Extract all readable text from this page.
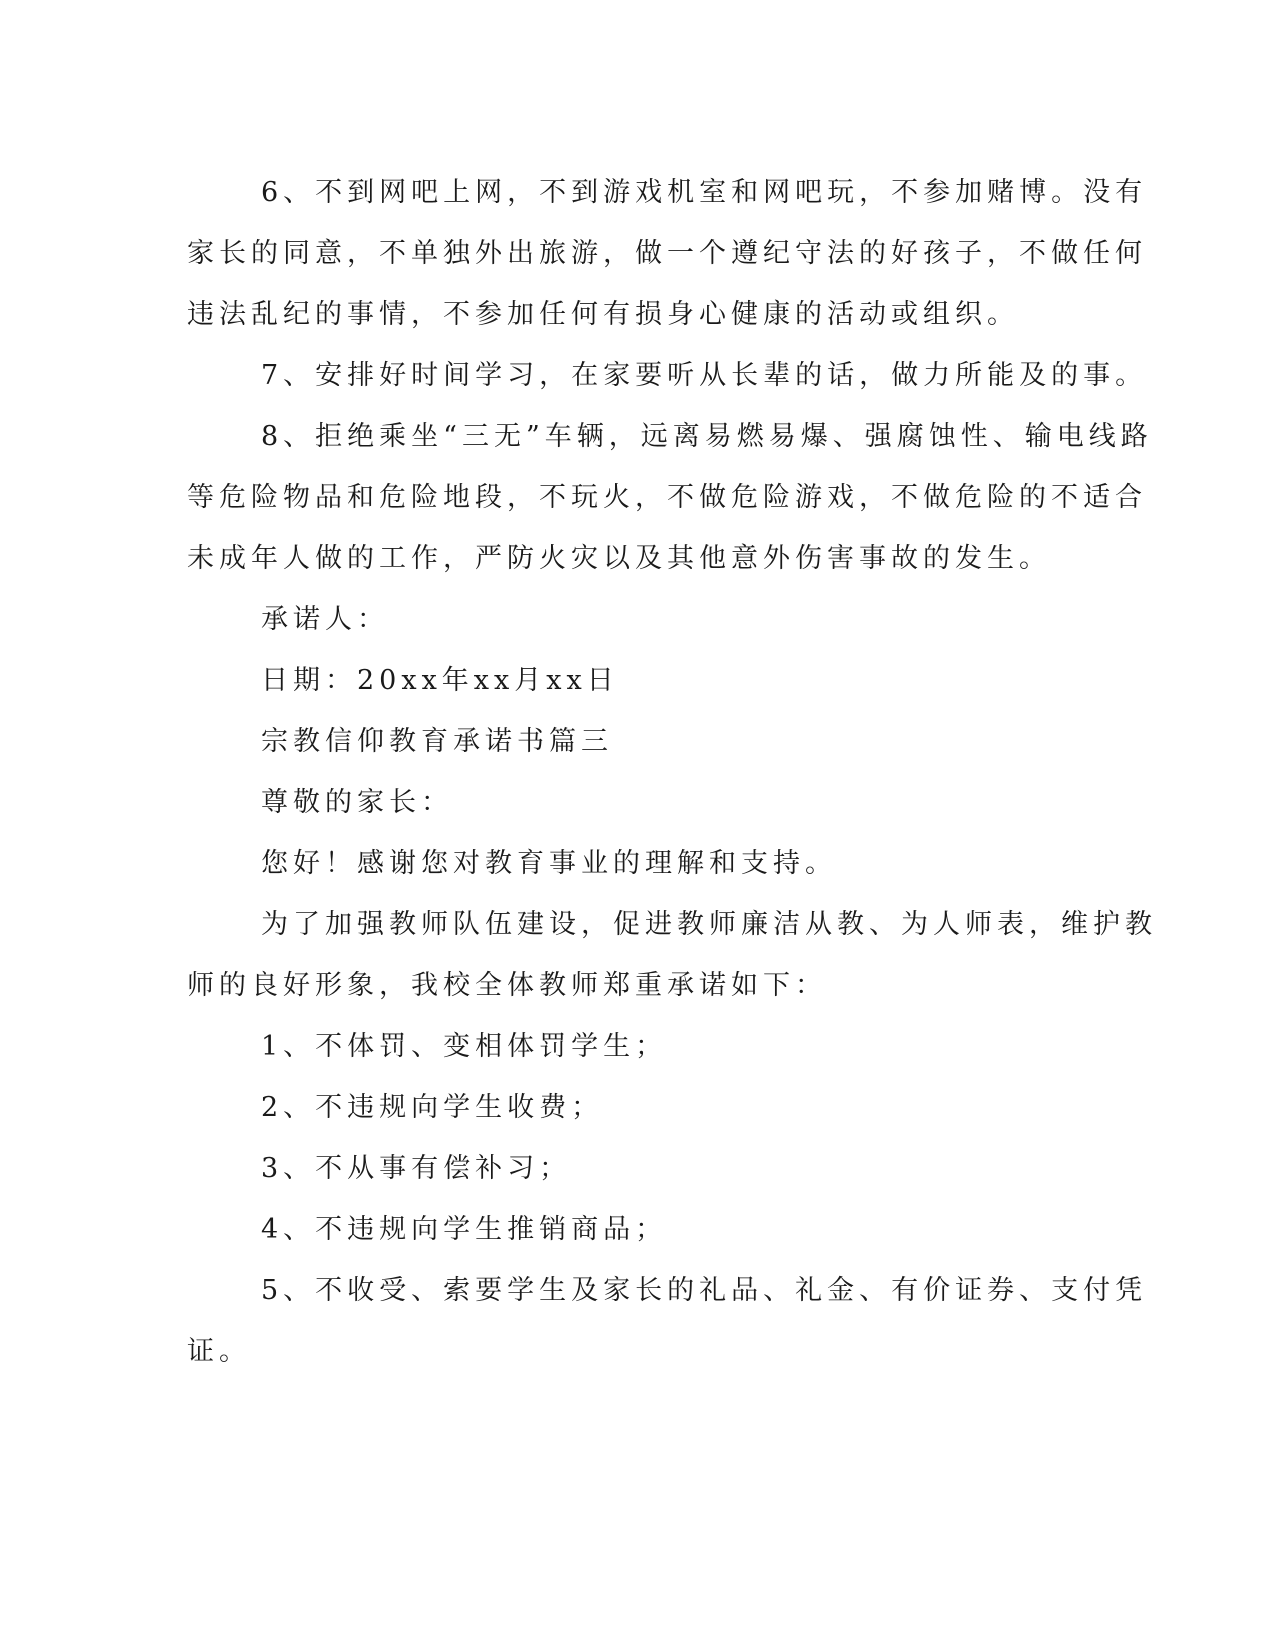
6、不到网吧上网，不到游戏机室和网吧玩，不参加赌博。没有
家长的同意，不单独外出旅游，做一个遵纪守法的好孩子，不做任何
违法乱纪的事情，不参加任何有损身心健康的活动或组织。

7、安排好时间学习，在家要听从长辈的话，做力所能及的事。

8、拒绝乘坐“三无”车辆，远离易燃易爆、强腐蚀性、输电线路
等危险物品和危险地段，不玩火，不做危险游戏，不做危险的不适合
未成年人做的工作，严防火灾以及其他意外伤害事故的发生。

承诺人：

日期：20xx年xx月xx日

宗教信仰教育承诺书篇三

尊敬的家长：

您好！感谢您对教育事业的理解和支持。

为了加强教师队伍建设，促进教师廉洁从教、为人师表，维护教
师的良好形象，我校全体教师郑重承诺如下：

1、不体罚、变相体罚学生；

2、不违规向学生收费；

3、不从事有偿补习；

4、不违规向学生推销商品；

5、不收受、索要学生及家长的礼品、礼金、有价证券、支付凭
证。
